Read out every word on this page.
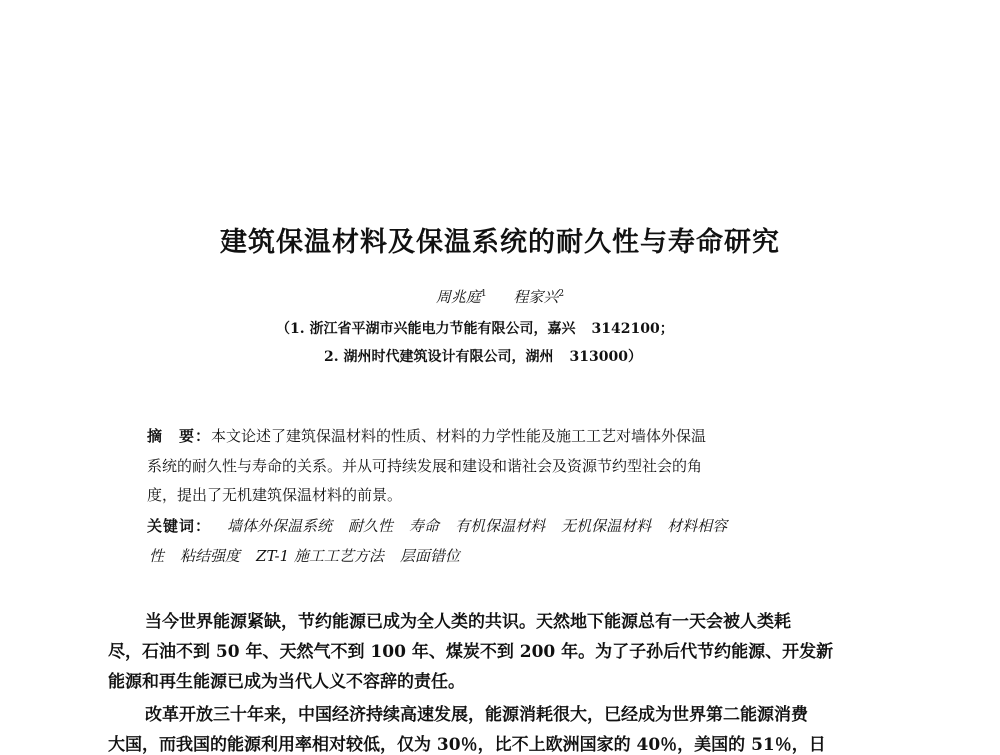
建筑保温材料及保温系统的耐久性与寿命研究
周兆庭$^1$ 程家兴$^2$
（1. 浙江省平湖市兴能电力节能有限公司，嘉兴 3142100；
2. 湖州时代建筑设计有限公司，湖州 313000）
摘　要：本文论述了建筑保温材料的性质、材料的力学性能及施工工艺对墙体外保温
系统的耐久性与寿命的关系。并从可持续发展和建设和谐社会及资源节约型社会的角
度，提出了无机建筑保温材料的前景。
关键词： 墙体外保温系统 耐久性 寿命 有机保温材料 无机保温材料 材料相容
性 粘结强度 ZT-1 施工工艺方法 层面错位
当今世界能源紧缺，节约能源已成为全人类的共识。天然地下能源总有一天会被人类耗
尽，石油不到 50 年、天然气不到 100 年、煤炭不到 200 年。为了子孙后代节约能源、开发新
能源和再生能源已成为当代人义不容辞的责任。
改革开放三十年来，中国经济持续高速发展，能源消耗很大，巳经成为世界第二能源消费
大国，而我国的能源利用率相对较低，仅为 30％，比不上欧洲国家的 40％，美国的 51％，日
